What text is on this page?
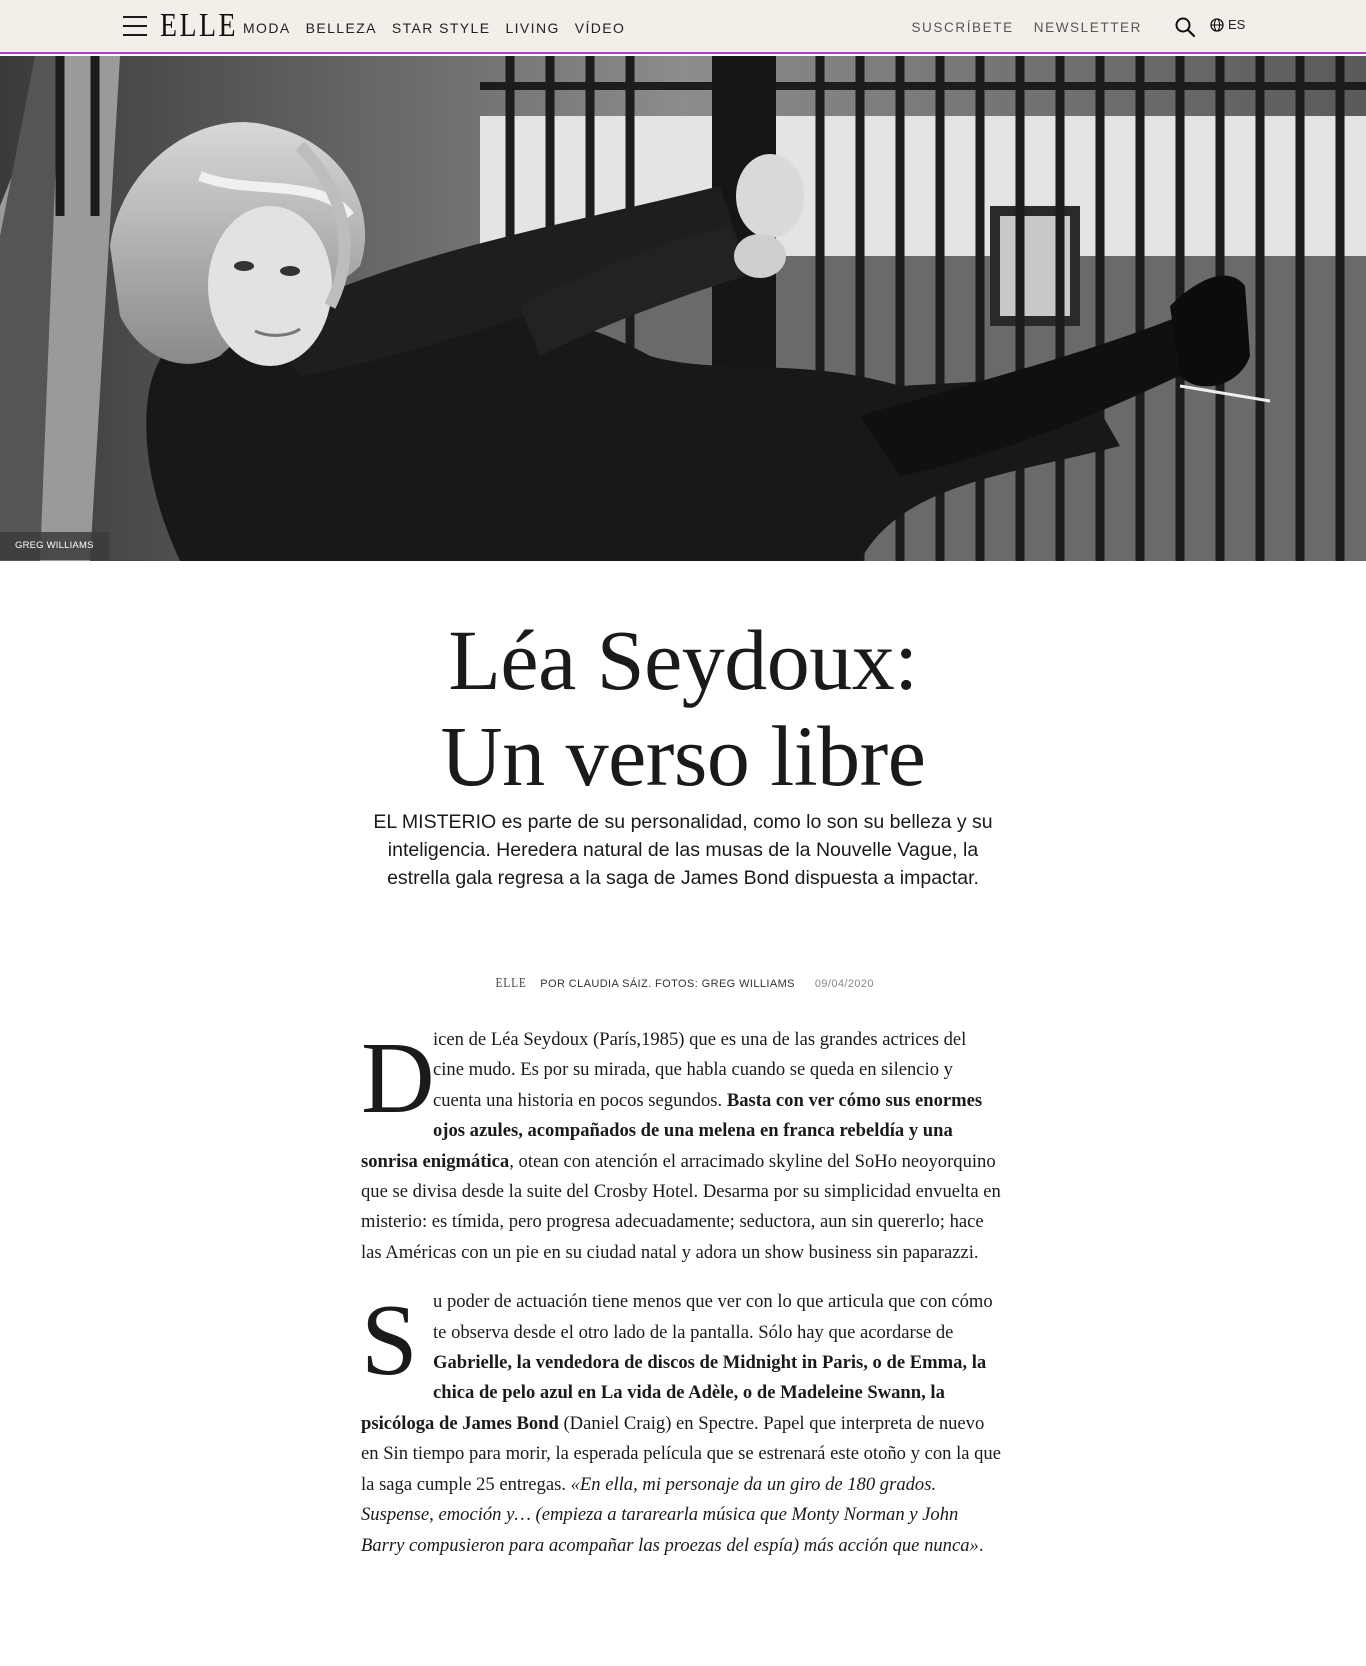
ELLE MODA BELLEZA STAR STYLE LIVING VÍDEO	SUSCRÍBETE NEWSLETTER	ES
GREG WILLIAMS
Léa Seydoux:
Un verso libre

EL MISTERIO es parte de su personalidad, como lo son su belleza y su inteligencia. Heredera natural de las musas de la Nouvelle Vague, la estrella gala regresa a la saga de James Bond dispuesta a impactar.

ELLE POR CLAUDIA SÁIZ. FOTOS: GREG WILLIAMS 09/04/2020

D
icen de Léa Seydoux (París,1985) que es una de las grandes actrices del cine mudo. Es por su mirada, que habla cuando se queda en silencio y cuenta una historia en pocos segundos. Basta con ver cómo sus enormes ojos azules, acompañados de una melena en franca rebeldía y una sonrisa enigmática, otean con atención el arracimado skyline del SoHo neoyorquino que se divisa desde la suite del Crosby Hotel. Desarma por su simplicidad envuelta en misterio: es tímida, pero progresa adecuadamente; seductora, aun sin quererlo; hace las Américas con un pie en su ciudad natal y adora un show business sin paparazzi.

Su poder de actuación tiene menos que ver con lo que articula que con cómo te observa desde el otro lado de la pantalla. Sólo hay que acordarse de Gabrielle, la vendedora de discos de Midnight in Paris, o de Emma, la chica de pelo azul en La vida de Adèle, o de Madeleine Swann, la psicóloga de James Bond (Daniel Craig) en Spectre. Papel que interpreta de nuevo en Sin tiempo para morir, la esperada película que se estrenará este otoño y con la que la saga cumple 25 entregas. «En ella, mi personaje da un giro de 180 grados. Suspense, emoción y… (empieza a tararearla música que Monty Norman y John Barry compusieron para acompañar las proezas del espía) más acción que nunca».
